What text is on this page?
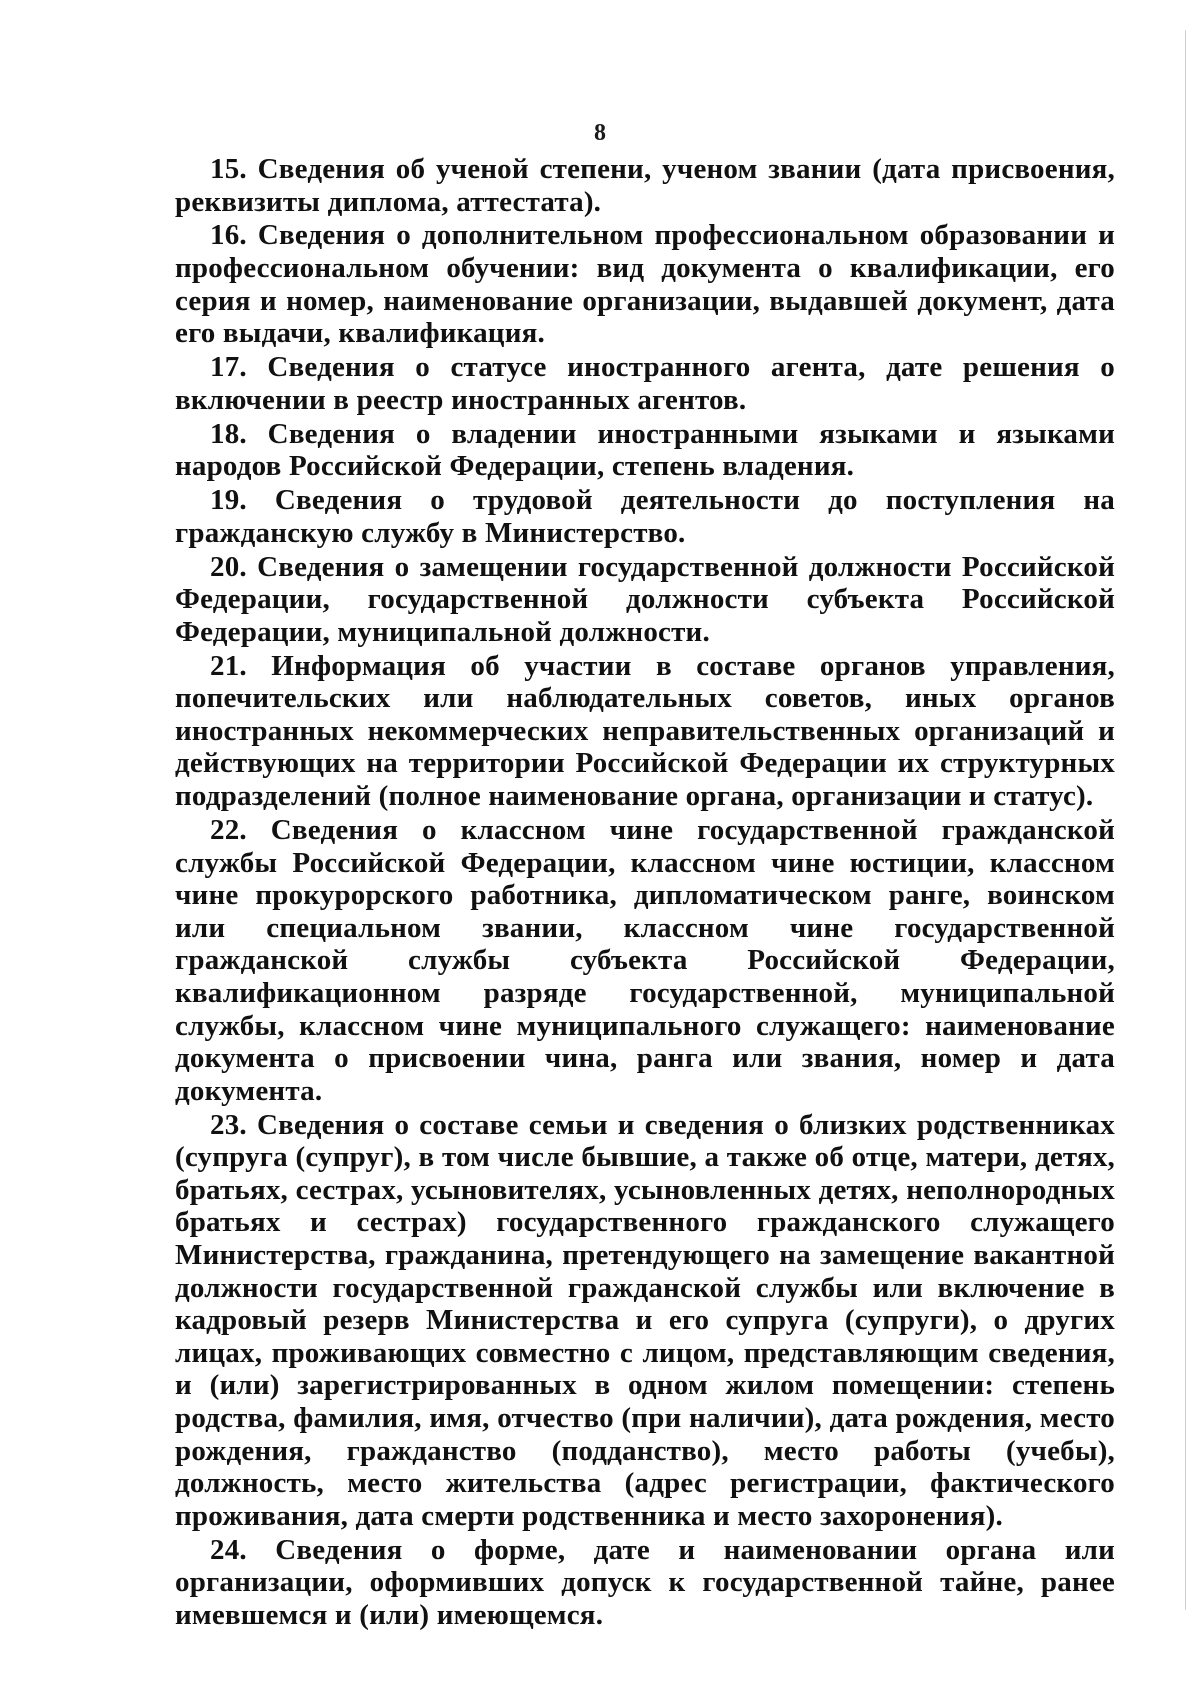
8

15. Сведения об ученой степени, ученом звании (дата присвоения, реквизиты диплома, аттестата).

16. Сведения о дополнительном профессиональном образовании и профессиональном обучении: вид документа о квалификации, его серия и номер, наименование организации, выдавшей документ, дата его выдачи, квалификация.

17. Сведения о статусе иностранного агента, дате решения о включении в реестр иностранных агентов.

18. Сведения о владении иностранными языками и языками народов Российской Федерации, степень владения.

19. Сведения о трудовой деятельности до поступления на гражданскую службу в Министерство.

20. Сведения о замещении государственной должности Российской Федерации, государственной должности субъекта Российской Федерации, муниципальной должности.

21. Информация об участии в составе органов управления, попечительских или наблюдательных советов, иных органов иностранных некоммерческих неправительственных организаций и действующих на территории Российской Федерации их структурных подразделений (полное наименование органа, организации и статус).

22. Сведения о классном чине государственной гражданской службы Российской Федерации, классном чине юстиции, классном чине прокурорского работника, дипломатическом ранге, воинском или специальном звании, классном чине государственной гражданской службы субъекта Российской Федерации, квалификационном разряде государственной, муниципальной службы, классном чине муниципального служащего: наименование документа о присвоении чина, ранга или звания, номер и дата документа.

23. Сведения о составе семьи и сведения о близких родственниках (супруга (супруг), в том числе бывшие, а также об отце, матери, детях, братьях, сестрах, усыновителях, усыновленных детях, неполнородных братьях и сестрах) государственного гражданского служащего Министерства, гражданина, претендующего на замещение вакантной должности государственной гражданской службы или включение в кадровый резерв Министерства и его супруга (супруги), о других лицах, проживающих совместно с лицом, представляющим сведения, и (или) зарегистрированных в одном жилом помещении: степень родства, фамилия, имя, отчество (при наличии), дата рождения, место рождения, гражданство (подданство), место работы (учебы), должность, место жительства (адрес регистрации, фактического проживания, дата смерти родственника и место захоронения).

24. Сведения о форме, дате и наименовании органа или организации, оформивших допуск к государственной тайне, ранее имевшемся и (или) имеющемся.
